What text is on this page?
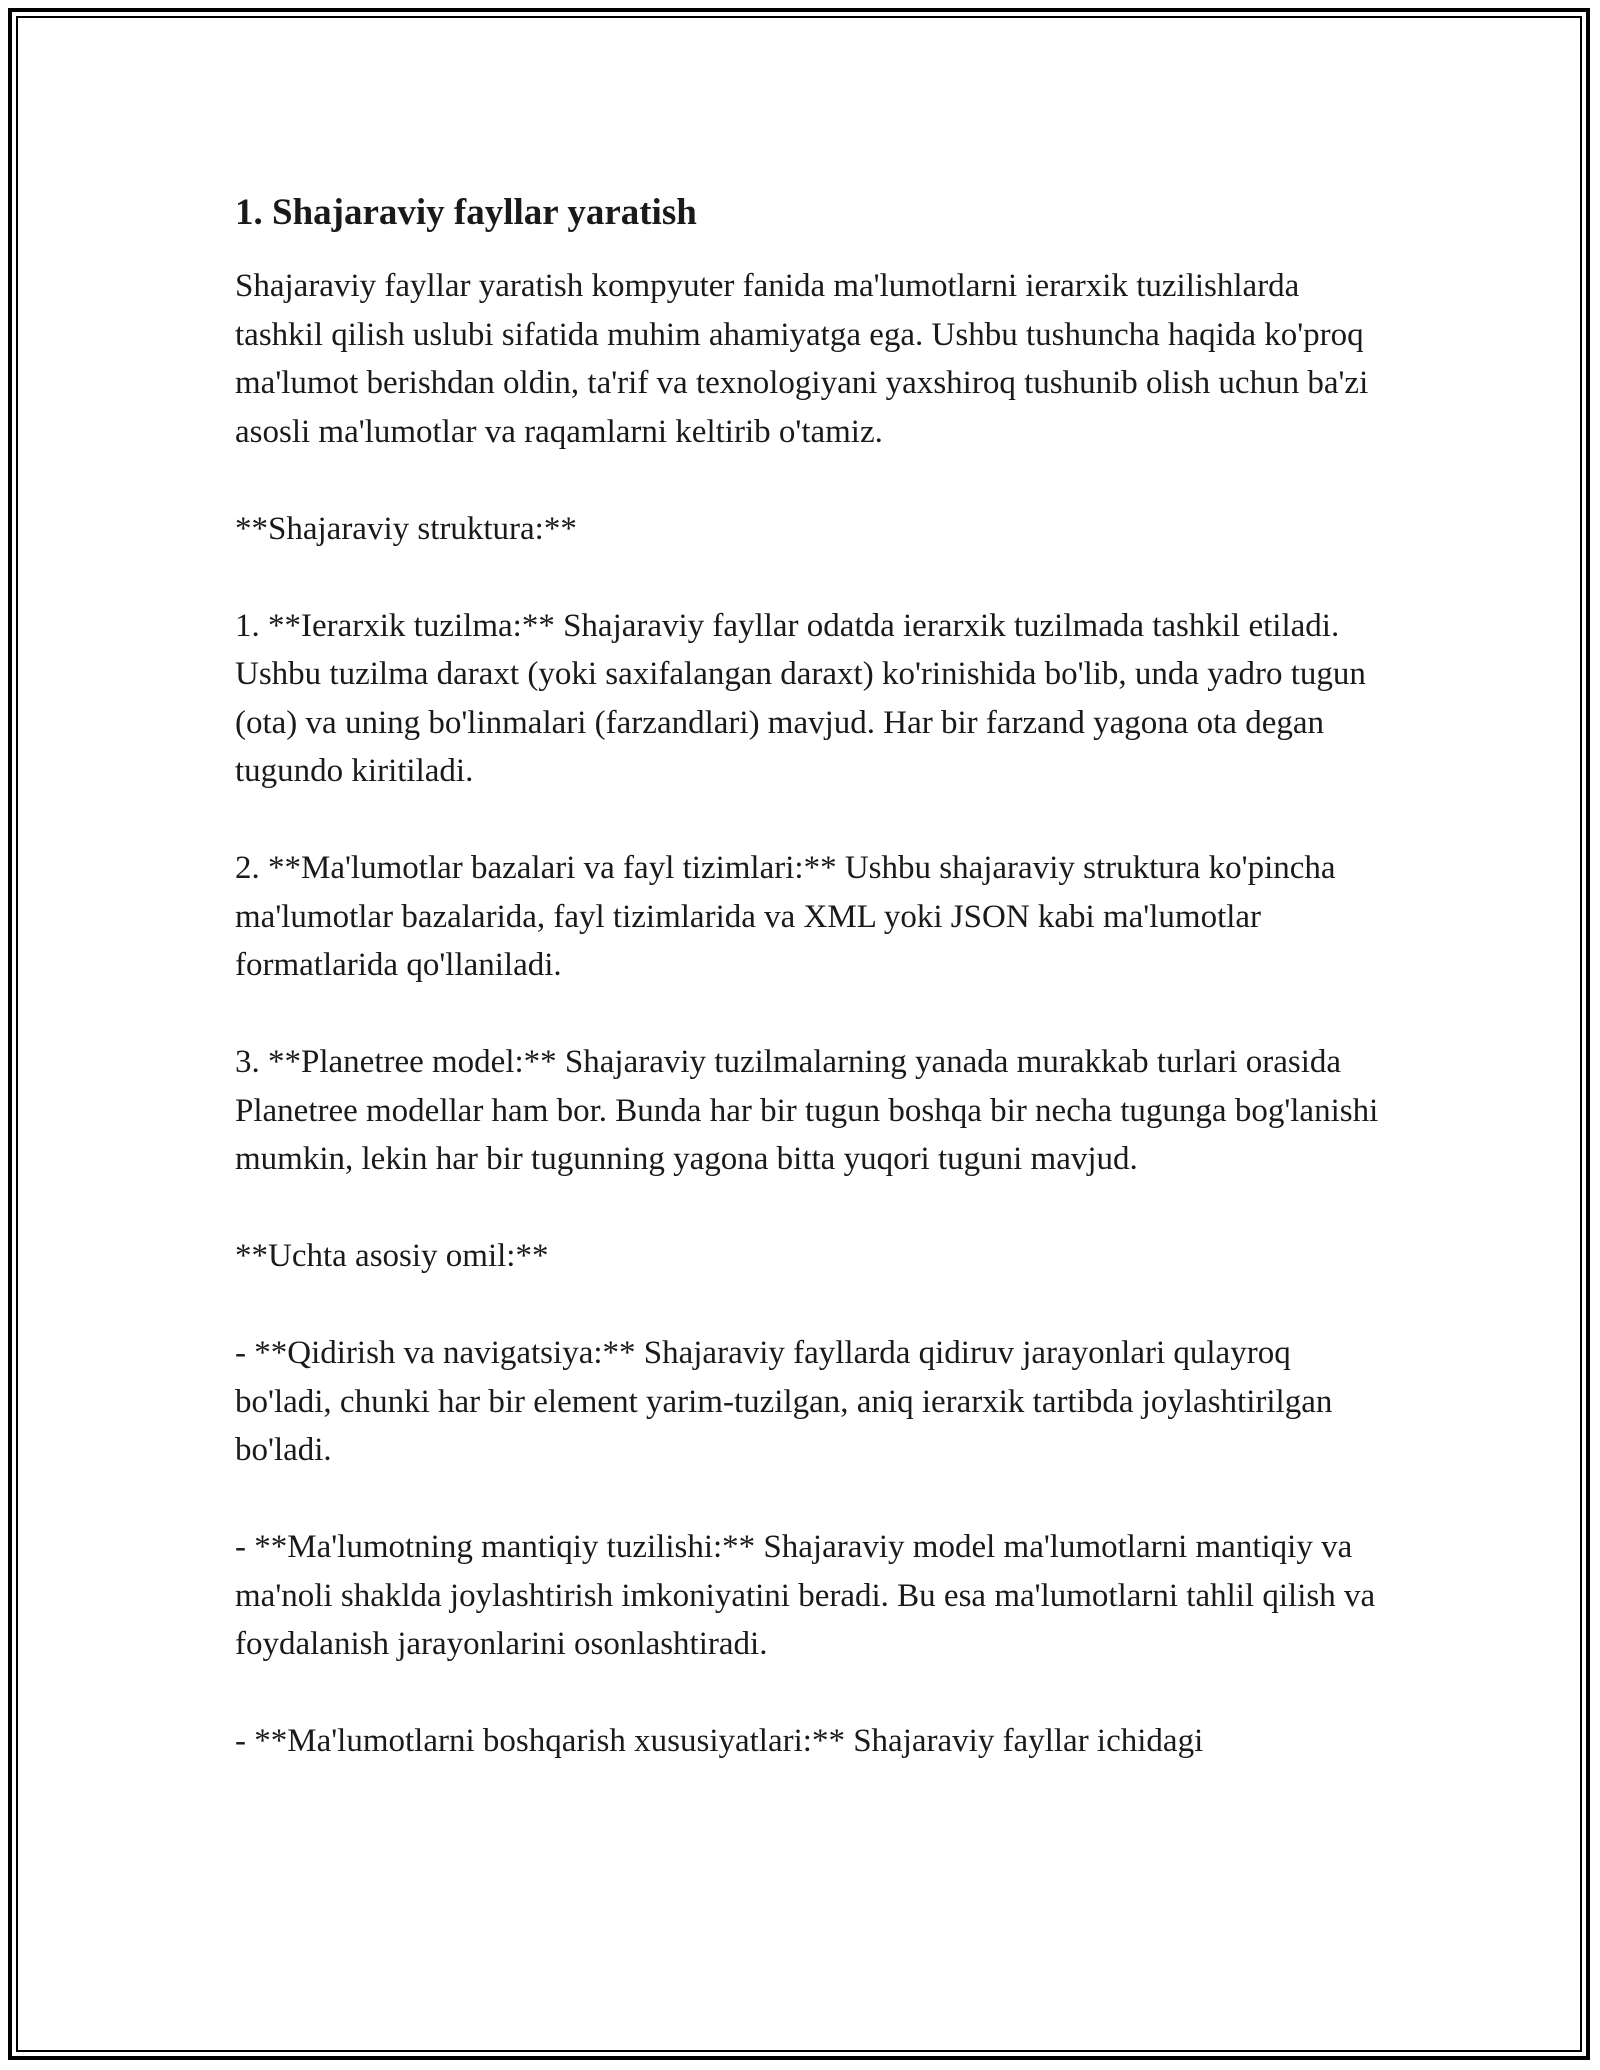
1. Shajaraviy fayllar yaratish

Shajaraviy fayllar yaratish kompyuter fanida ma'lumotlarni ierarxik tuzilishlarda tashkil qilish uslubi sifatida muhim ahamiyatga ega. Ushbu tushuncha haqida ko'proq ma'lumot berishdan oldin, ta'rif va texnologiyani yaxshiroq tushunib olish uchun ba'zi asosli ma'lumotlar va raqamlarni keltirib o'tamiz.

**Shajaraviy struktura:**

1. **Ierarxik tuzilma:** Shajaraviy fayllar odatda ierarxik tuzilmada tashkil etiladi. Ushbu tuzilma daraxt (yoki saxifalangan daraxt) ko'rinishida bo'lib, unda yadro tugun (ota) va uning bo'linmalari (farzandlari) mavjud. Har bir farzand yagona ota degan tugundo kiritiladi.

2. **Ma'lumotlar bazalari va fayl tizimlari:** Ushbu shajaraviy struktura ko'pincha ma'lumotlar bazalarida, fayl tizimlarida va XML yoki JSON kabi ma'lumotlar formatlarida qo'llaniladi.

3. **Planetree model:** Shajaraviy tuzilmalarning yanada murakkab turlari orasida Planetree modellar ham bor. Bunda har bir tugun boshqa bir necha tugunga bog'lanishi mumkin, lekin har bir tugunning yagona bitta yuqori tuguni mavjud.

**Uchta asosiy omil:**

- **Qidirish va navigatsiya:** Shajaraviy fayllarda qidiruv jarayonlari qulayroq bo'ladi, chunki har bir element yarim-tuzilgan, aniq ierarxik tartibda joylashtirilgan bo'ladi.

- **Ma'lumotning mantiqiy tuzilishi:** Shajaraviy model ma'lumotlarni mantiqiy va ma'noli shakldа joylashtirish imkoniyatini beradi. Bu esa ma'lumotlarni tahlil qilish va foydalanish jarayonlarini osonlashtiradi.

- **Ma'lumotlarni boshqarish xususiyatlari:** Shajaraviy fayllar ichidagi
